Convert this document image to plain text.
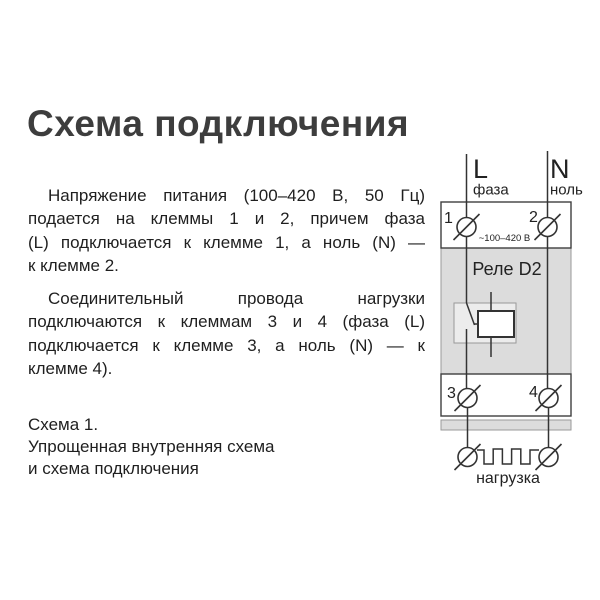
Схема подключения
Напряжение питания (100–420 В, 50 Гц)
подается на клеммы 1 и 2, причем фаза
(L) подключается к клемме 1, а ноль (N) —
к клемме 2.
Соединительный провода нагрузки
подключаются к клеммам 3 и 4 (фаза (L)
подключается к клемме 3, а ноль (N) — к
клемме 4).
Схема 1.
Упрощенная внутренняя схема
и схема подключения
L
фаза
N
ноль
1	2
~100–420 В
Реле D2
3	4
нагрузка
